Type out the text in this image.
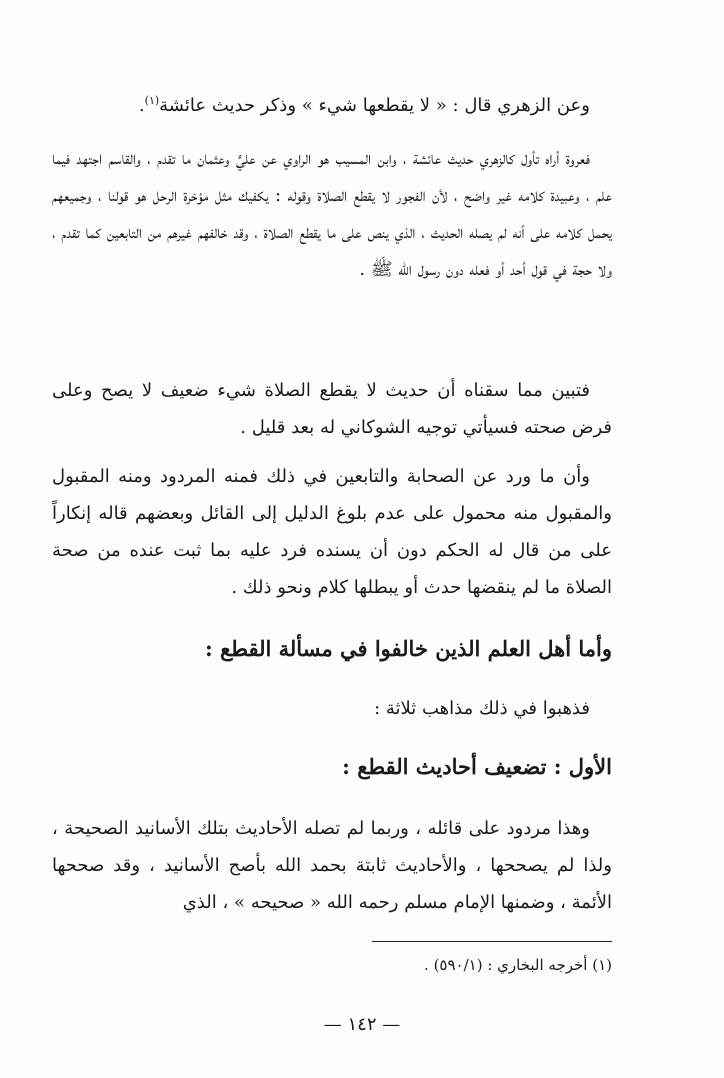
وعن الزهري قال : « لا يقطعها شيء » وذكر حديث عائشة$^{(١)}$.

فعروة أراه تأول كالزهري حديث عائشة ، وابن المسيب هو الراوي عن عليٍّ وعثمان ما تقدم ، والقاسم اجتهد فيما علم ، وعبيدة كلامه غير واضح ، لأن الفجور لا يقطع الصلاة وقوله : يكفيك مثل مؤخرة الرحل هو قولنا ، وجميعهم يحمل كلامه على أنه لم يصله الحديث ، الذي ينص على ما يقطع الصلاة ، وقد خالفهم غيرهم من التابعين كما تقدم ، ولا حجة في قول أحد أو فعله دون رسول الله ﷺ .

فتبين مما سقناه أن حديث لا يقطع الصلاة شيء ضعيف لا يصح وعلى فرض صحته فسيأتي توجيه الشوكاني له بعد قليل .

وأن ما ورد عن الصحابة والتابعين في ذلك فمنه المردود ومنه المقبول والمقبول منه محمول على عدم بلوغ الدليل إلى القائل وبعضهم قاله إنكاراً على من قال له الحكم دون أن يسنده فرد عليه بما ثبت عنده من صحة الصلاة ما لم ينقضها حدث أو يبطلها كلام ونحو ذلك .

وأما أهل العلم الذين خالفوا في مسألة القطع :

فذهبوا في ذلك مذاهب ثلاثة :

الأول : تضعيف أحاديث القطع :

وهذا مردود على قائله ، وربما لم تصله الأحاديث بتلك الأسانيد الصحيحة ، ولذا لم يصححها ، والأحاديث ثابتة بحمد الله بأصح الأسانيد ، وقد صححها الأئمة ، وضمنها الإمام مسلم رحمه الله « صحيحه » ، الذي

(١) أخرجه البخاري : (٥٩٠/١) .
— ١٤٢ —
